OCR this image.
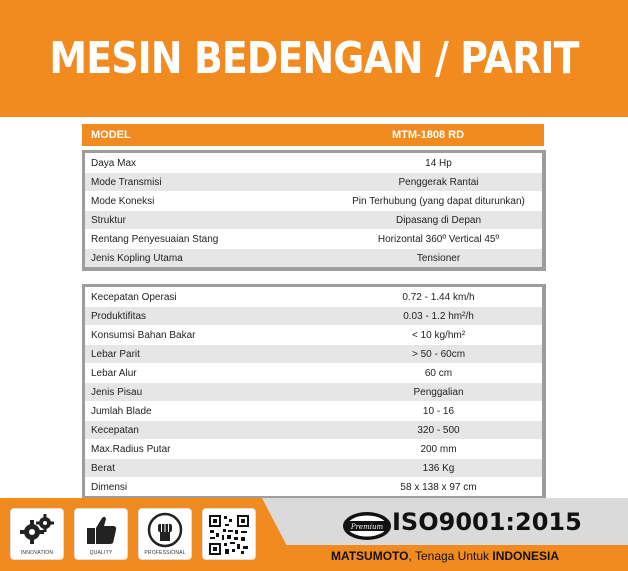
MESIN BEDENGAN / PARIT
MODEL	MTM-1808 RD
Daya Max	14 Hp
Mode Transmisi	Penggerak Rantai
Mode Koneksi	Pin Terhubung (yang dapat diturunkan)
Struktur	Dipasang di Depan
Rentang Penyesuaian Stang	Horizontal 360º Vertical 45º
Jenis Kopling Utama	Tensioner
Kecepatan Operasi	0.72 - 1.44 km/h
Produktifitas	0.03 - 1.2 hm²/h
Konsumsi Bahan Bakar	< 10 kg/hm²
Lebar Parit	> 50 - 60cm
Lebar Alur	60 cm
Jenis Pisau	Penggalian
Jumlah Blade	10 - 16
Kecepatan	320 - 500
Max.Radius Putar	200 mm
Berat	136 Kg
Dimensi	58 x 138 x 97 cm
INNOVATION	QUALITY	PROFESSIONAL
Premium ISO9001:2015
MATSUMOTO, Tenaga Untuk INDONESIA
